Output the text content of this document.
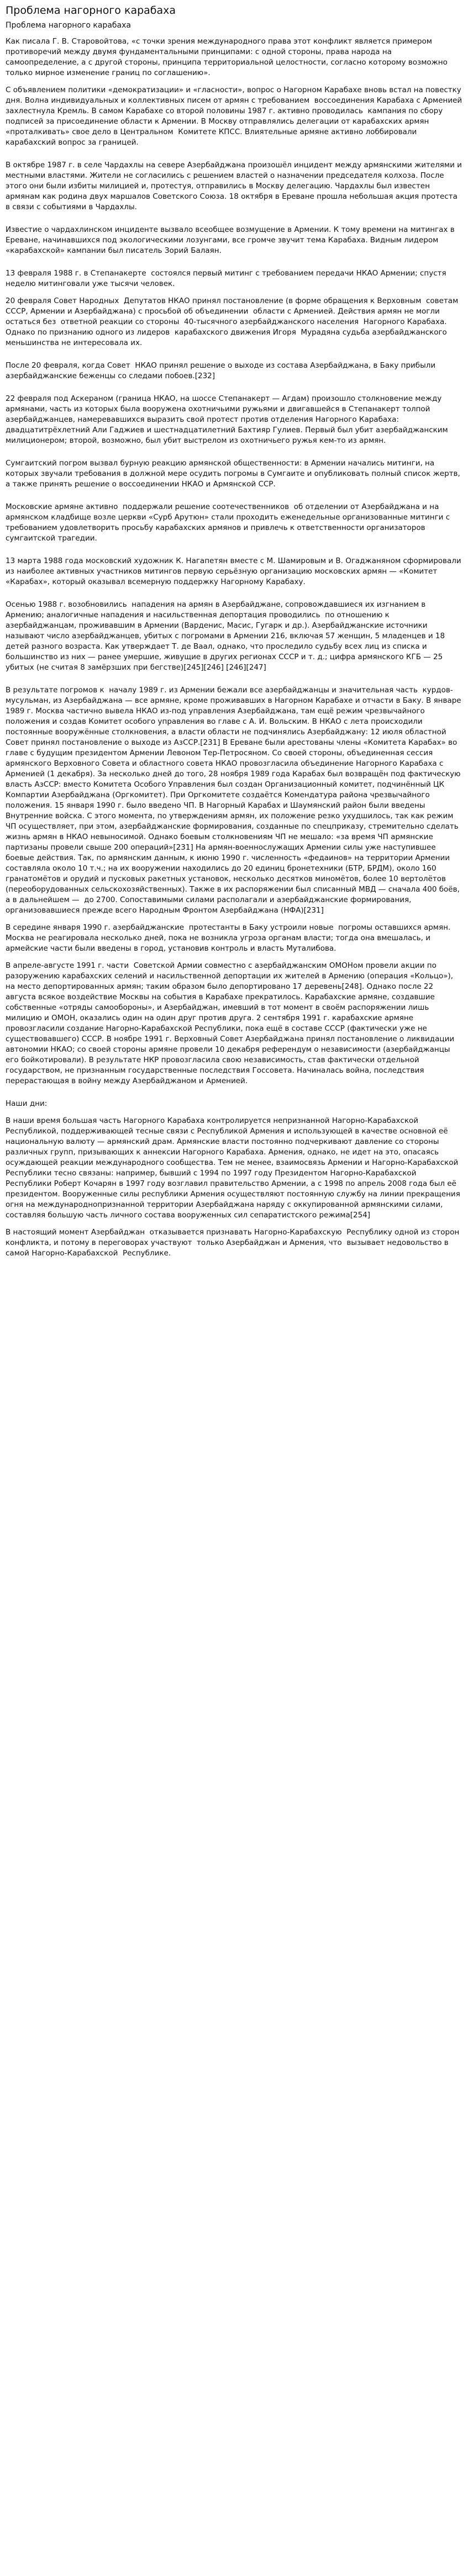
Проблема нагорного карабаха
Проблема нагорного карабаха

Как писала Г. В. Старовойтова, «с точки зрения международного права этот конфликт является примером противоречий между двумя фундаментальными принципами: с одной стороны, права народа на самоопределение, а с другой стороны, принципа территориальной целостности, согласно которому возможно только мирное изменение границ по соглашению».

С объявлением политики «демократизации» и «гласности», вопрос о Нагорном Карабахе вновь встал на повестку дня. Волна индивидуальных и коллективных писем от армян с требованием  воссоединения Карабаха с Арменией захлестнула Кремль. В самом Карабахе со второй половины 1987 г. активно проводилась  кампания по сбору подписей за присоединение области к Армении. В Москву отправлялись делегации от карабахских армян «проталкивать» свое дело в Центральном  Комитете КПСС. Влиятельные армяне активно лоббировали карабахский вопрос за границей.

В октябре 1987 г. в селе Чардахлы на севере Азербайджана произошёл инцидент между армянскими жителями и местными властями. Жители не согласились с решением властей о назначении председателя колхоза. После этого они были избиты милицией и, протестуя, отправились в Москву делегацию. Чардахлы был известен армянам как родина двух маршалов Советского Союза. 18 октября в Ереване прошла небольшая акция протеста в связи с событиями в Чардахлы.

Известие о чардахлинском инциденте вызвало всеобщее возмущение в Армении. К тому времени на митингах в Ереване, начинавшихся под экологическими лозунгами, все громче звучит тема Карабаха. Видным лидером «карабахской» кампании был писатель Зорий Балаян.

13 февраля 1988 г. в Степанакерте  состоялся первый митинг с требованием передачи НКАО Армении; спустя неделю митинговали уже тысячи человек.

20 февраля Совет Народных  Депутатов НКАО принял постановление (в форме обращения к Верховным  советам СССР, Армении и Азербайджана) с просьбой об объединении  области с Арменией. Действия армян не могли остаться без  ответной реакции со стороны  40-тысячного азербайджанского населения  Нагорного Карабаха. Однако по признанию одного из лидеров  карабахского движения Игоря  Мурадяна судьба азербайджанского  меньшинства не интересовала их.

После 20 февраля, когда Совет  НКАО принял решение о выходе из состава Азербайджана, в Баку прибыли  азербайджанские беженцы со следами побоев.[232]

22 февраля под Аскераном (граница НКАО, на шоссе Степанакерт — Агдам) произошло столкновение между армянами, часть из которых была вооружена охотничьими ружьями и двигавшейся в Степанакерт толпой азербайджанцев, намеревавшихся выразить свой протест против отделения Нагорного Карабаха: двадцатитрёхлетний Али Гаджиев и шестнадцатилетний Бахтияр Гулиев. Первый был убит азербайджанским милиционером; второй, возможно, был убит выстрелом из охотничьего ружья кем-то из армян.

Сумгаитский погром вызвал бурную реакцию армянской общественности: в Армении начались митинги, на которых звучали требования в должной мере осудить погромы в Сумгаите и опубликовать полный список жертв, а также принять решение о воссоединении НКАО и Армянской ССР.

Московские армяне активно  поддержали решение соотечественников  об отделении от Азербайджана и на армянском кладбище возле церкви «Сурб Арутюн» стали проходить еженедельные организованные митинги с требованием удовлетворить просьбу карабахских армянов и привлечь к ответственности организаторов сумгаитской трагедии.

13 марта 1988 года московский художник К. Нагапетян вместе с М. Шамировым и В. Огаджаняном сформировали из наиболее активных участников митингов первую серьёзную организацию московских армян — «Комитет «Карабах», который оказывал всемерную поддержку Нагорному Карабаху.

Осенью 1988 г. возобновились  нападения на армян в Азербайджане, сопровождавшиеся их изгнанием в  Армению; аналогичные нападения и насильственная депортация проводились  по отношению к азербайджанцам, проживавшим в Армении (Варденис, Масис, Гугарк и др.). Азербайджанские источники называют число азербайджанцев, убитых с погромами в Армении 216, включая 57 женщин, 5 младенцев и 18 детей разного возраста. Как утверждает Т. де Ваал, однако, что проследило судьбу всех лиц из списка и большинство из них — ранее умершие, живущие в других регионах СССР и т. д.; цифра армянского КГБ — 25 убитых (не считая 8 замёрзших при бегстве)[245][246] [246][247]

В результате погромов к  началу 1989 г. из Армении бежали все азербайджанцы и значительная часть  курдов-мусульман, из Азербайджана — все армяне, кроме проживавших в Нагорном Карабахе и отчасти в Баку. В январе 1989 г. Москва частично вывела НКАО из-под управления Азербайджана, там ещё режим чрезвычайного положения и создав Комитет особого управления во главе с А. И. Вольским. В НКАО с лета происходили постоянные вооружённые столкновения, а власти области не подчинялись Азербайджану: 12 июля областной Совет принял постановление о выходе из АзССР.[231] В Ереване были арестованы члены «Комитета Карабах» во главе с будущим президентом Армении Левоном Тер-Петросяном. Со своей стороны, объединенная сессия армянского Верховного Совета и областного совета НКАО провозгласила объединение Нагорного Карабаха с Арменией (1 декабря). За несколько дней до того, 28 ноября 1989 года Карабах был возвращён под фактическую власть АзССР: вместо Комитета Особого Управления был создан Организационный комитет, подчинённый ЦК Компартии Азербайджана (Оргкомитет). При Оргкомитете создаётся Комендатура района чрезвычайного положения. 15 января 1990 г. было введено ЧП. В Нагорный Карабах и Шаумянский район были введены Внутренние войска. С этого момента, по утверждениям армян, их положение резко ухудшилось, так как режим ЧП осуществляет, при этом, азербайджанские формирования, созданные по спецприказу, стремительно сделать жизнь армян в НКАО невыносимой. Однако боевым столкновениям ЧП не мешало: «за время ЧП армянские партизаны провели свыше 200 операций»[231] На армян-военнослужащих Армении силы уже наступившее боевые действия. Так, по армянским данным, к июню 1990 г. численность «федаинов» на территории Армении составляла около 10 т.ч.; на их вооружении находились до 20 единиц бронетехники (БТР, БРДМ), около 160 гранатомётов и орудий и пусковых ракетных установок, несколько десятков миномётов, более 10 вертолётов (переоборудованных сельскохозяйственных). Также в их распоряжении был списанный МВД — сначала 400 боёв, а в дальнейшем —  до 2700. Сопоставимыми силами располагали и азербайджанские формирования, организовавшиеся прежде всего Народным Фронтом Азербайджана (НФА)[231]

В середине января 1990 г. азербайджанские  протестанты в Баку устроили новые  погромы оставшихся армян. Москва не реагировала несколько дней, пока не возникла угроза органам власти; тогда она вмешалась, и армейские части были введены в город, установив контроль и власть Муталибова.

В апреле-августе 1991 г. части  Советской Армии совместно с азербайджанским ОМОНом провели акции по разоружению карабахских селений и насильственной депортации их жителей в Армению (операция «Кольцо»), на место депортированных армян; таким образом было депортировано 17 деревень[248]. Однако после 22 августа всякое воздействие Москвы на события в Карабахе прекратилось. Карабахские армяне, создавшие собственные «отряды самообороны», и Азербайджан, имевший в тот момент в своём распоряжении лишь милицию и ОМОН, оказались один на один друг против друга. 2 сентября 1991 г. карабахские армяне провозгласили создание Нагорно-Карабахской Республики, пока ещё в составе СССР (фактически уже не существовавшего) СССР. В ноябре 1991 г. Верховный Совет Азербайджана принял постановление о ликвидации автономии НКАО; со своей стороны армяне провели 10 декабря референдум о независимости (азербайджанцы его бойкотировали). В результате НКР провозгласила свою независимость, став фактически отдельной государством, не признанным государственные последствия Госсовета. Начиналась война, последствия перерастающая в войну между Азербайджаном и Арменией.

Наши дни:

В наши время большая часть Нагорного Карабаха контролируется непризнанной Нагорно-Карабахской Республикой, поддерживающей тесные связи с Республикой Армения и использующей в качестве основной её национальную валюту — армянский драм. Армянские власти постоянно подчеркивают давление со стороны различных групп, призывающих к аннексии Нагорного Карабаха. Армения, однако, не идет на это, опасаясь осуждающей реакции международного сообщества. Тем не менее, взаимосвязь Армении и Нагорно-Карабахской Республики тесно связаны: например, бывший с 1994 по 1997 году Президентом Нагорно-Карабахской Республики Роберт Кочарян в 1997 году возглавил правительство Армении, а с 1998 по апрель 2008 года был её президентом. Вооруженные силы республики Армения осуществляют постоянную службу на линии прекращения огня на международнопризнанной территории Азербайджана наряду с оккупированной армянскими силами, составляя большую часть личного состава вооруженных сил сепаратистского режима[254]

В настоящий момент Азербайджан  отказывается признавать Нагорно-Карабахскую  Республику одной из сторон конфликта, и потому в переговорах участвуют  только Азербайджан и Армения, что  вызывает недовольство в самой Нагорно-Карабахской  Республике.
